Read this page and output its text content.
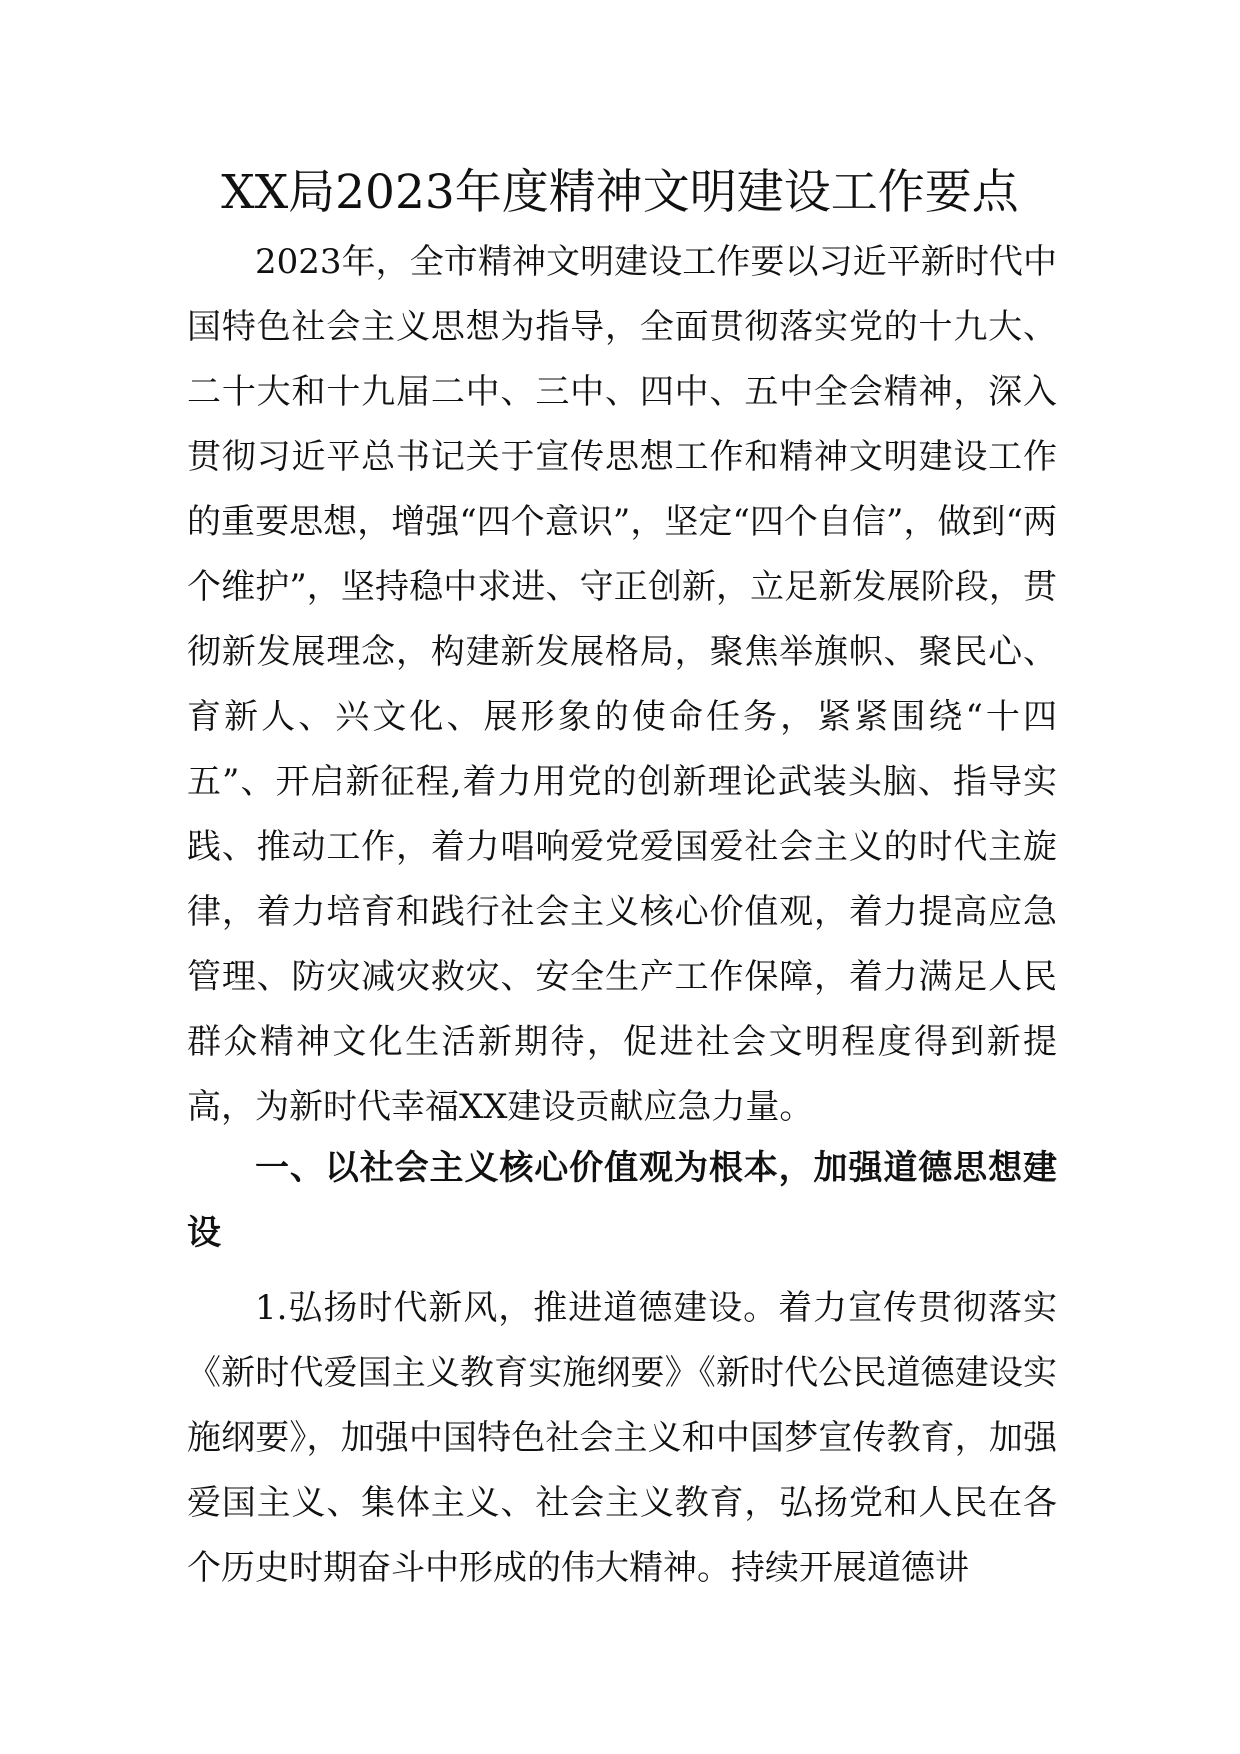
XX局2023年度精神文明建设工作要点

2023年，全市精神文明建设工作要以习近平新时代中国特色社会主义思想为指导，全面贯彻落实党的十九大、二十大和十九届二中、三中、四中、五中全会精神，深入贯彻习近平总书记关于宣传思想工作和精神文明建设工作的重要思想，增强“四个意识”，坚定“四个自信”，做到“两个维护”，坚持稳中求进、守正创新，立足新发展阶段，贯彻新发展理念，构建新发展格局，聚焦举旗帜、聚民心、育新人、兴文化、展形象的使命任务，紧紧围绕“十四五”、开启新征程,着力用党的创新理论武装头脑、指导实践、推动工作，着力唱响爱党爱国爱社会主义的时代主旋律，着力培育和践行社会主义核心价值观，着力提高应急管理、防灾减灾救灾、安全生产工作保障，着力满足人民群众精神文化生活新期待，促进社会文明程度得到新提高，为新时代幸福XX建设贡献应急力量。

一、以社会主义核心价值观为根本，加强道德思想建设

1.弘扬时代新风，推进道德建设。着力宣传贯彻落实《新时代爱国主义教育实施纲要》《新时代公民道德建设实施纲要》，加强中国特色社会主义和中国梦宣传教育，加强爱国主义、集体主义、社会主义教育，弘扬党和人民在各个历史时期奋斗中形成的伟大精神。持续开展道德讲
